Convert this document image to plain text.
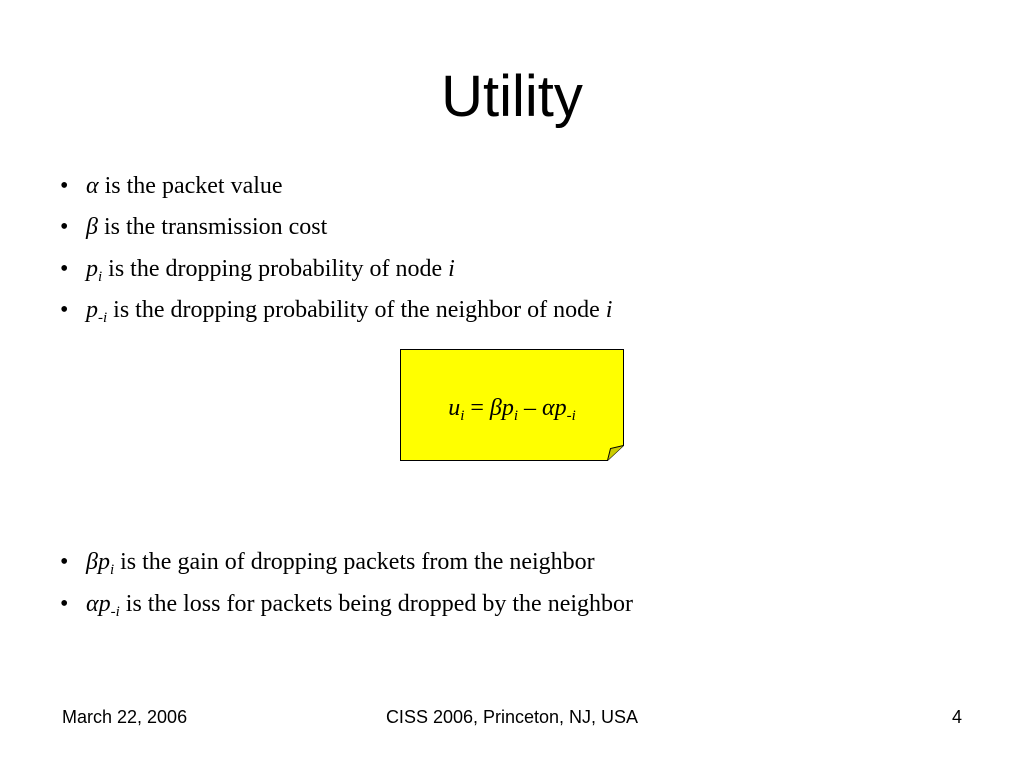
Utility
• α is the packet value
• β is the transmission cost
• $p_i$ is the dropping probability of node i
• $p_{-i}$ is the dropping probability of the neighbor of node i
• $\beta p_i$ is the gain of dropping packets from the neighbor
• $\alpha p_{-i}$ is the loss for packets being dropped by the neighbor
$u_i = \beta p_i - \alpha p_{-i}$
March 22, 2006	CISS 2006, Princeton, NJ, USA	4
